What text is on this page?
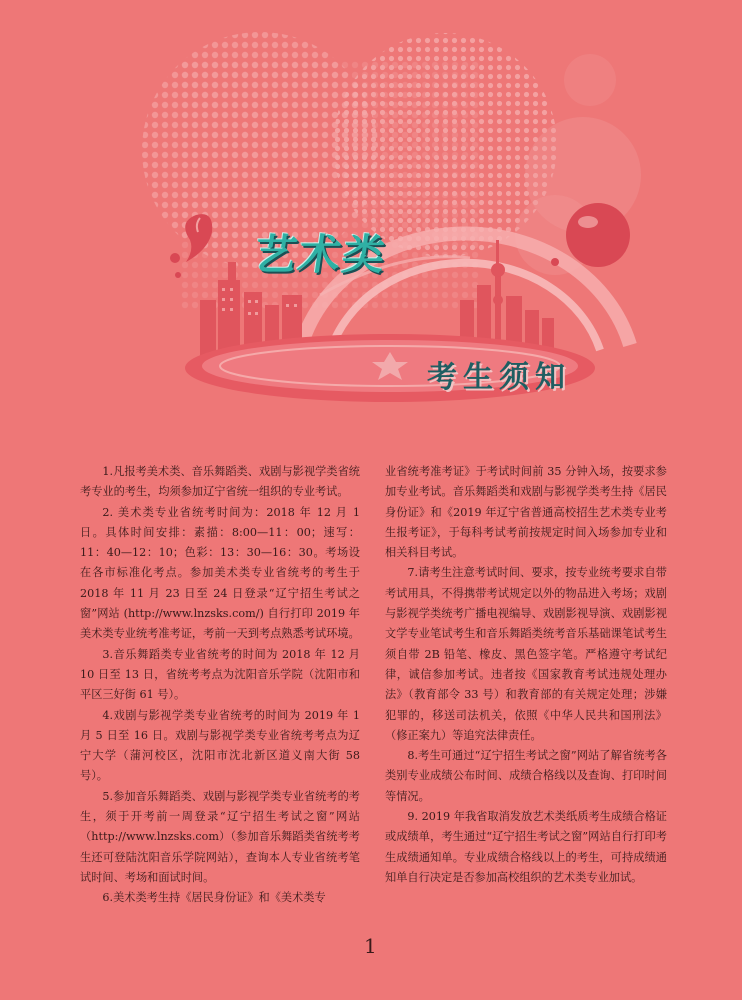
艺术类
考生须知

1.凡报考美术类、音乐舞蹈类、戏剧与影视学类省统考专业的考生，均须参加辽宁省统一组织的专业考试。

2. 美术类专业省统考时间为：2018 年 12 月 1 日。具体时间安排：素描：8:00—11：00；速写：11：40—12：10；色彩：13：30—16：30。考场设在各市标准化考点。参加美术类专业省统考的考生于 2018 年 11 月 23 日至 24 日登录“辽宁招生考试之窗”网站 (http://www.lnzsks.com/) 自行打印 2019 年美术类专业统考准考证，考前一天到考点熟悉考试环境。

3.音乐舞蹈类专业省统考的时间为 2018 年 12 月 10 日至 13 日，省统考考点为沈阳音乐学院（沈阳市和平区三好街 61 号）。

4.戏剧与影视学类专业省统考的时间为 2019 年 1 月 5 日至 16 日。戏剧与影视学类专业省统考考点为辽宁大学（蒲河校区，沈阳市沈北新区道义南大街 58 号）。

5.参加音乐舞蹈类、戏剧与影视学类专业省统考的考生，须于开考前一周登录“辽宁招生考试之窗”网站 （http://www.lnzsks.com）（参加音乐舞蹈类省统考考生还可登陆沈阳音乐学院网站），查询本人专业省统考笔试时间、考场和面试时间。

6.美术类考生持《居民身份证》和《美术类专

业省统考准考证》于考试时间前 35 分钟入场，按要求参加专业考试。音乐舞蹈类和戏剧与影视学类考生持《居民身份证》和《2019 年辽宁省普通高校招生艺术类专业考生报考证》，于每科考试考前按规定时间入场参加专业和相关科目考试。

7.请考生注意考试时间、要求，按专业统考要求自带考试用具，不得携带考试规定以外的物品进入考场；戏剧与影视学类统考广播电视编导、戏剧影视导演、戏剧影视文学专业笔试考生和音乐舞蹈类统考音乐基础课笔试考生须自带 2B 铅笔、橡皮、黑色签字笔。严格遵守考试纪律，诚信参加考试。违者按《国家教育考试违规处理办法》（教育部令 33 号）和教育部的有关规定处理；涉嫌犯罪的，移送司法机关，依照《中华人民共和国刑法》（修正案九）等追究法律责任。

8.考生可通过“辽宁招生考试之窗”网站了解省统考各类别专业成绩公布时间、成绩合格线以及查询、打印时间等情况。

9. 2019 年我省取消发放艺术类纸质考生成绩合格证或成绩单，考生通过“辽宁招生考试之窗”网站自行打印考生成绩通知单。专业成绩合格线以上的考生，可持成绩通知单自行决定是否参加高校组织的艺术类专业加试。

1
